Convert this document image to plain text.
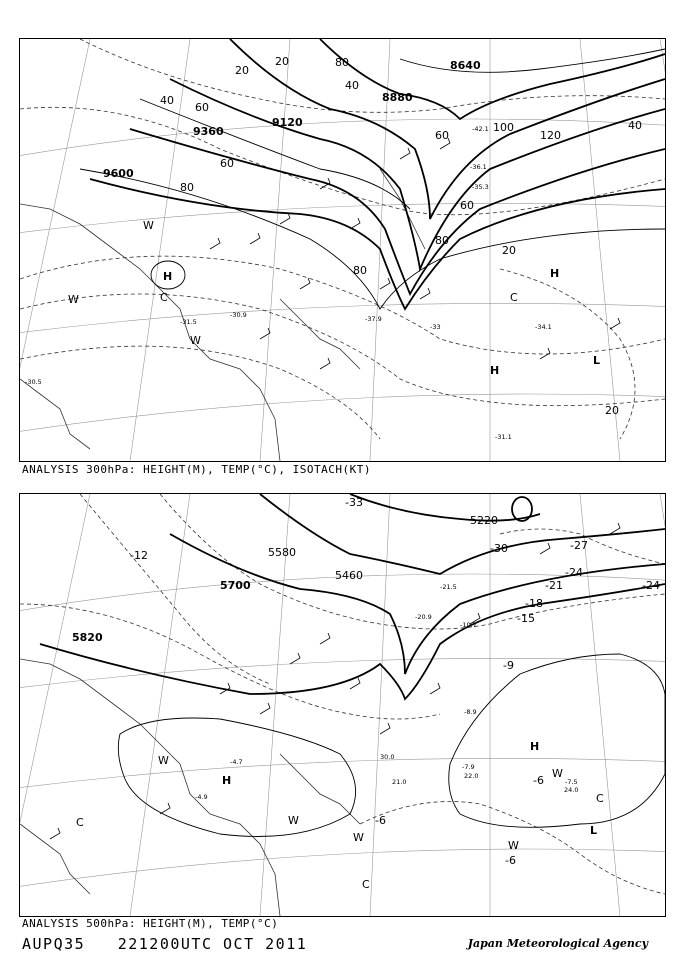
9600
9360
9120
8880
8640
20
20
40
40
60
60
60
60
80
80
80
80
100
120
40
20
20
H	H
H
L
C	C
W
W
W
-30.5
-31.1
-31.5
-30.9
-33	-34.1
-36.1
-35.3
-37.9
-42.1
ANALYSIS 300hPa: HEIGHT(M), TEMP(°C), ISOTACH(KT)
5820
5700
5580
5460
5220
-12
-33
-30	-27
-24
-21
-18
-15
-9
-6
-6
-6
-24
H
H
C
C
C
L
W
W
W
W
W
-7.9
-7.5
-4.7
-4.9
-21.5
-20.9
-10.7
-8.9
22.0
24.0
21.0
30.0
ANALYSIS 500hPa: HEIGHT(M), TEMP(°C)
AUPQ35 221200UTC OCT 2011	Japan Meteorological Agency
